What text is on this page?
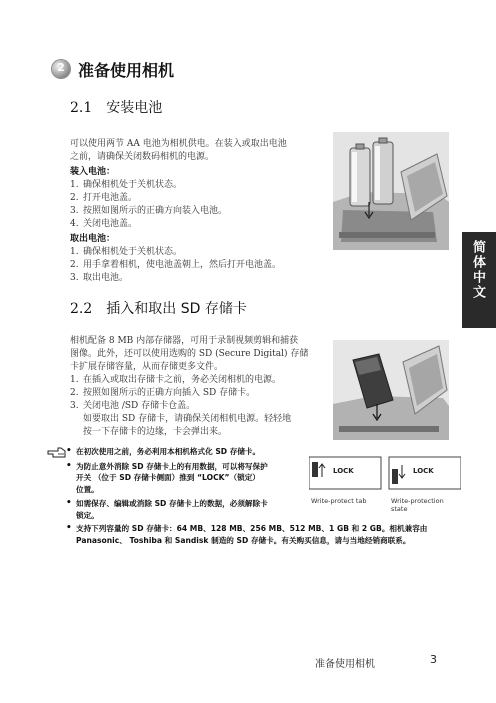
2 准备使用相机
2.1 安装电池
可以使用两节 AA 电池为相机供电。在装入或取出电池
之前，请确保关闭数码相机的电源。
装入电池：
1. 确保相机处于关机状态。
2. 打开电池盖。
3. 按照如图所示的正确方向装入电池。
4. 关闭电池盖。
取出电池：
1. 确保相机处于关机状态。
2. 用手拿着相机，使电池盖朝上，然后打开电池盖。
3. 取出电池。	简体中文
2.2 插入和取出 SD 存储卡
相机配备 8 MB 内部存储器，可用于录制视频剪辑和捕获
图像。此外，还可以使用选购的 SD (Secure Digital) 存储
卡扩展存储容量，从而存储更多文件。
1. 在插入或取出存储卡之前，务必关闭相机的电源。
2. 按照如图所示的正确方向插入 SD 存储卡。
3. 关闭电池 /SD 存储卡仓盖。
如要取出 SD 存储卡，请确保关闭相机电源。轻轻地
按一下存储卡的边缘，卡会弹出来。
• 在初次使用之前，务必利用本相机格式化 SD 存储卡。
• 为防止意外消除 SD 存储卡上的有用数据，可以将写保护
开关 （位于 SD 存储卡侧面）推到 “LOCK”（锁定）
位置。
• 如需保存、编辑或消除 SD 存储卡上的数据，必须解除卡
锁定。
• 支持下列容量的 SD 存储卡：64 MB、128 MB、256 MB、512 MB、1 GB 和 2 GB。相机兼容由
Panasonic、 Toshiba 和 Sandisk 制造的 SD 存储卡。有关购买信息，请与当地经销商联系。
LOCK	LOCK
Write-protect tab	Write-protection state
准备使用相机	3
